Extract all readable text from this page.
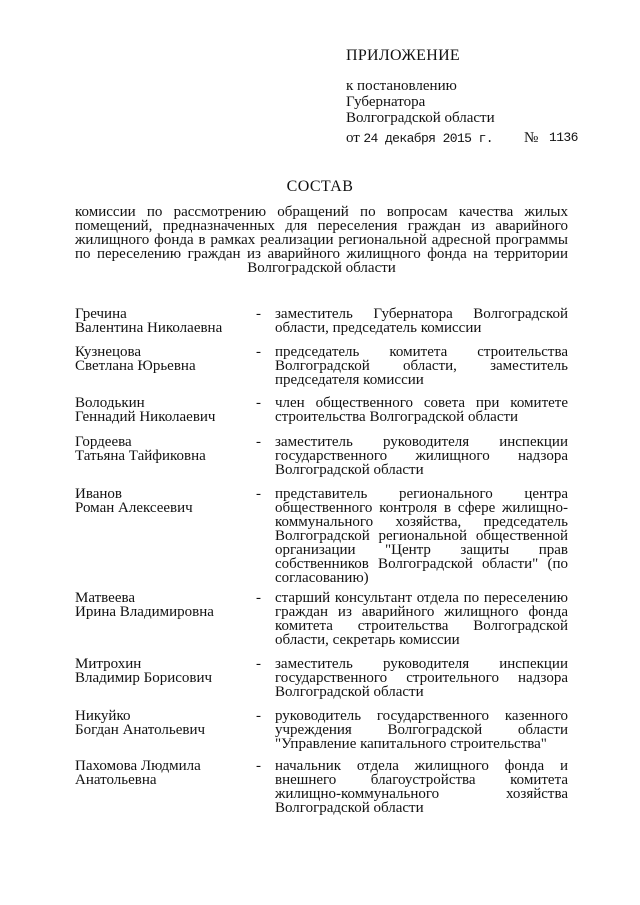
ПРИЛОЖЕНИЕ
к постановлению
Губернатора
Волгоградской области
от 24 декабря 2015 г. № 1136
СОСТАВ
комиссии по рассмотрению обращений по вопросам качества жилых помещений, предназначенных для переселения граждан из аварийного жилищного фонда в рамках реализации региональной адресной программы по переселению граждан из аварийного жилищного фонда на территории Волгоградской области
Гречина
Валентина Николаевна
- заместитель Губернатора Волгоградской области, председатель комиссии
Кузнецова
Светлана Юрьевна
- председатель комитета строительства Волгоградской области, заместитель председателя комиссии
Володькин
Геннадий Николаевич
- член общественного совета при комитете строительства Волгоградской области
Гордеева
Татьяна Тайфиковна
- заместитель руководителя инспекции государственного жилищного надзора Волгоградской области
Иванов
Роман Алексеевич
- представитель регионального центра общественного контроля в сфере жилищно-коммунального хозяйства, председатель Волгоградской региональной общественной организации "Центр защиты прав собственников Волгоградской области" (по согласованию)
Матвеева
Ирина Владимировна
- старший консультант отдела по переселению граждан из аварийного жилищного фонда комитета строительства Волгоградской области, секретарь комиссии
Митрохин
Владимир Борисович
- заместитель руководителя инспекции государственного строительного надзора Волгоградской области
Никуйко
Богдан Анатольевич
- руководитель государственного казенного учреждения Волгоградской области "Управление капитального строительства"
Пахомова Людмила
Анатольевна
- начальник отдела жилищного фонда и внешнего благоустройства комитета жилищно-коммунального хозяйства Волгоградской области
